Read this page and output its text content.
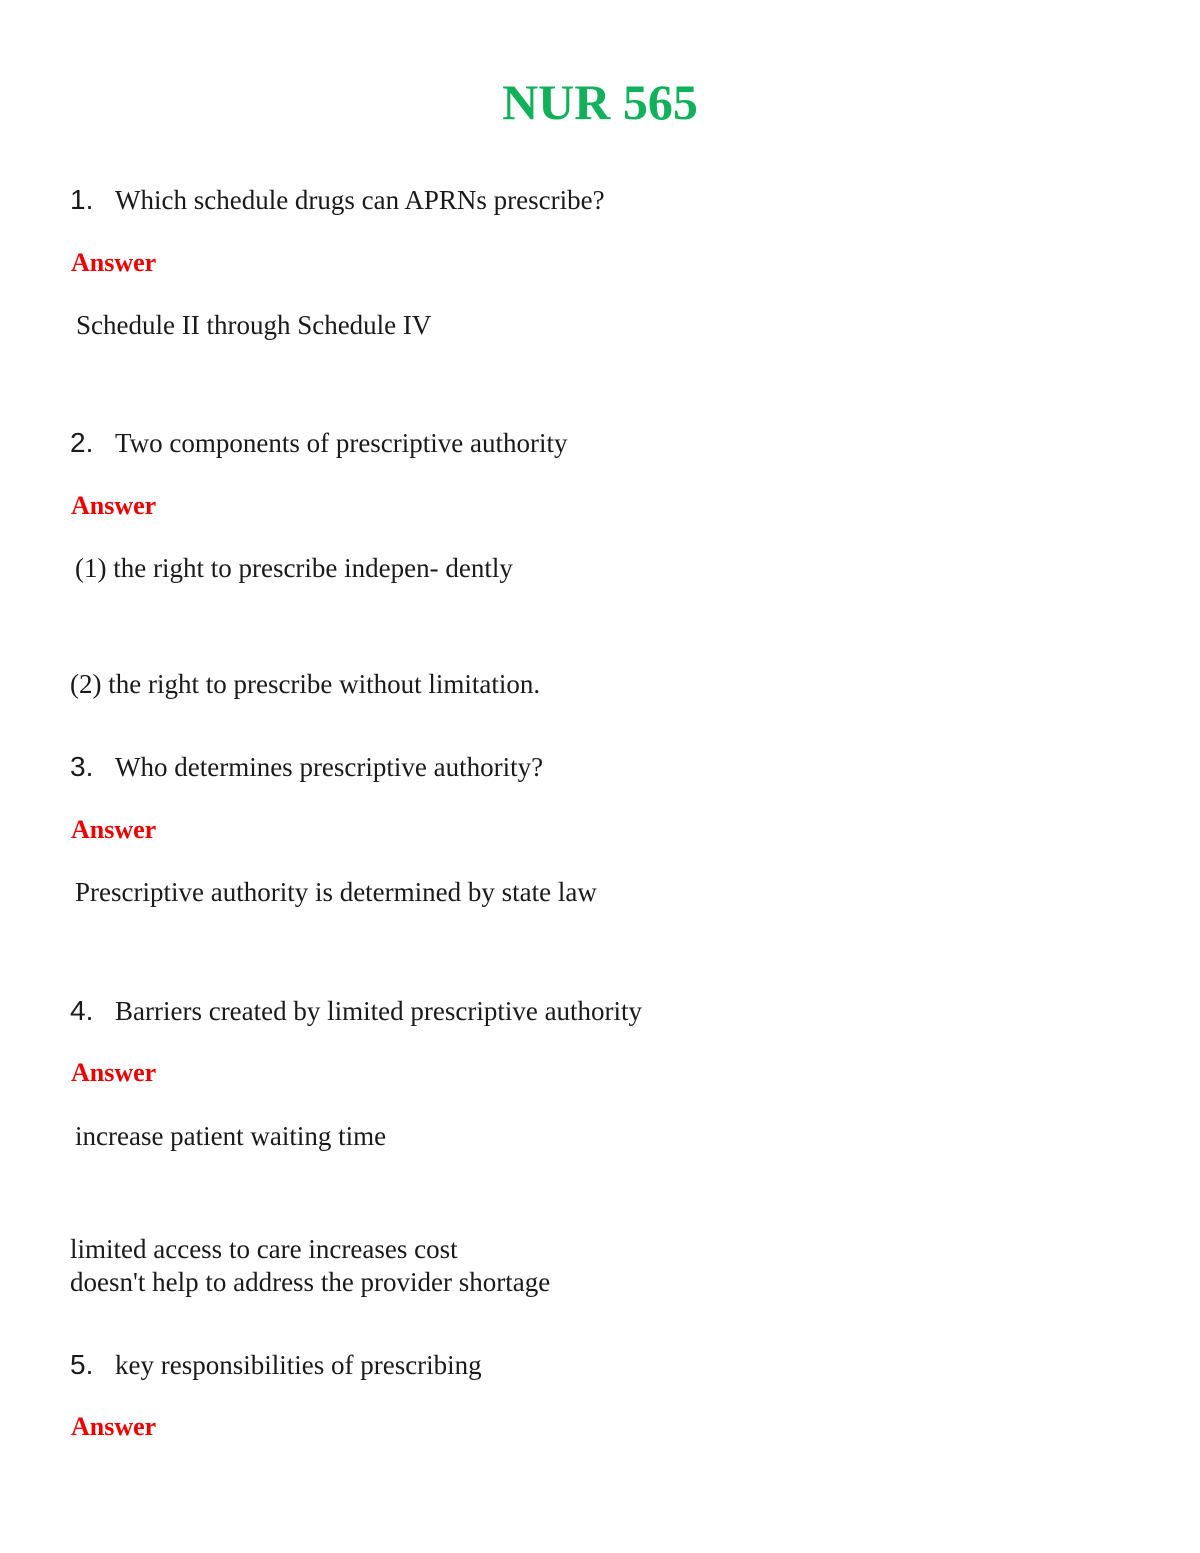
NUR 565
1. Which schedule drugs can APRNs prescribe?
Answer
Schedule II through Schedule IV
2. Two components of prescriptive authority
Answer
(1) the right to prescribe indepen- dently
(2) the right to prescribe without limitation.
3. Who determines prescriptive authority?
Answer
Prescriptive authority is determined by state law
4. Barriers created by limited prescriptive authority
Answer
increase patient waiting time
limited access to care increases cost
doesn't help to address the provider shortage
5. key responsibilities of prescribing
Answer
